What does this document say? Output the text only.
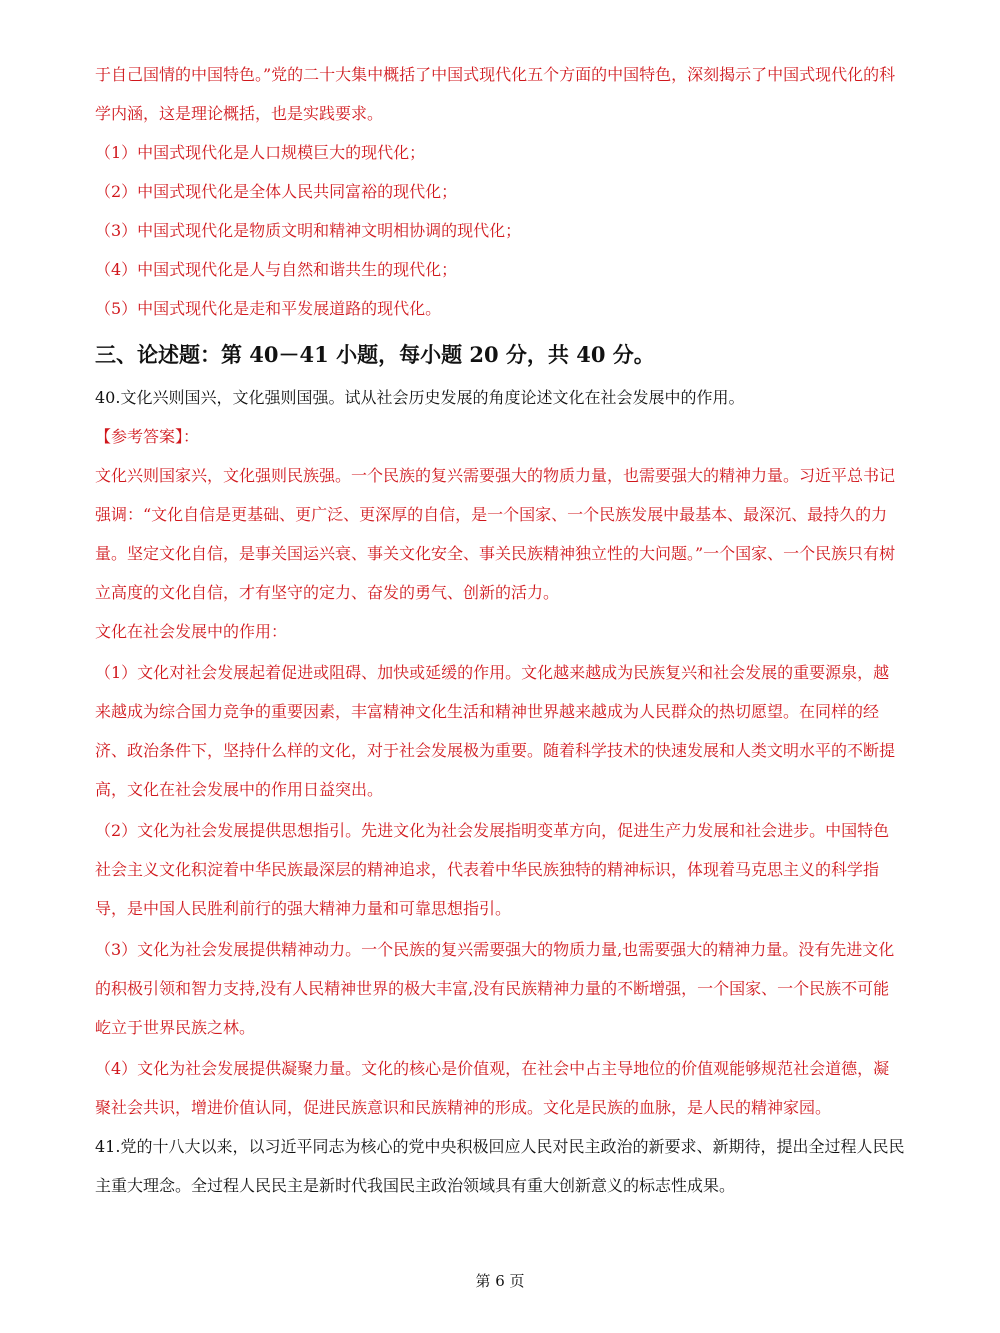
于自己国情的中国特色。”党的二十大集中概括了中国式现代化五个方面的中国特色，深刻揭示了中国式现代化的科学内涵，这是理论概括，也是实践要求。

（1）中国式现代化是人口规模巨大的现代化；

（2）中国式现代化是全体人民共同富裕的现代化；

（3）中国式现代化是物质文明和精神文明相协调的现代化；

（4）中国式现代化是人与自然和谐共生的现代化；

（5）中国式现代化是走和平发展道路的现代化。

三、论述题：第 40－41 小题，每小题 20 分，共 40 分。

40.文化兴则国兴，文化强则国强。试从社会历史发展的角度论述文化在社会发展中的作用。

【参考答案】：

文化兴则国家兴，文化强则民族强。一个民族的复兴需要强大的物质力量，也需要强大的精神力量。习近平总书记强调：“文化自信是更基础、更广泛、更深厚的自信，是一个国家、一个民族发展中最基本、最深沉、最持久的力量。坚定文化自信，是事关国运兴衰、事关文化安全、事关民族精神独立性的大问题。”一个国家、一个民族只有树立高度的文化自信，才有坚守的定力、奋发的勇气、创新的活力。

文化在社会发展中的作用：

（1）文化对社会发展起着促进或阻碍、加快或延缓的作用。文化越来越成为民族复兴和社会发展的重要源泉，越来越成为综合国力竞争的重要因素，丰富精神文化生活和精神世界越来越成为人民群众的热切愿望。在同样的经济、政治条件下，坚持什么样的文化，对于社会发展极为重要。随着科学技术的快速发展和人类文明水平的不断提高，文化在社会发展中的作用日益突出。

（2）文化为社会发展提供思想指引。先进文化为社会发展指明变革方向，促进生产力发展和社会进步。中国特色社会主义文化积淀着中华民族最深层的精神追求，代表着中华民族独特的精神标识，体现着马克思主义的科学指导，是中国人民胜利前行的强大精神力量和可靠思想指引。

（3）文化为社会发展提供精神动力。一个民族的复兴需要强大的物质力量,也需要强大的精神力量。没有先进文化的积极引领和智力支持,没有人民精神世界的极大丰富,没有民族精神力量的不断增强，一个国家、一个民族不可能屹立于世界民族之林。

（4）文化为社会发展提供凝聚力量。文化的核心是价值观，在社会中占主导地位的价值观能够规范社会道德，凝聚社会共识，增进价值认同，促进民族意识和民族精神的形成。文化是民族的血脉，是人民的精神家园。

41.党的十八大以来，以习近平同志为核心的党中央积极回应人民对民主政治的新要求、新期待，提出全过程人民民主重大理念。全过程人民民主是新时代我国民主政治领域具有重大创新意义的标志性成果。

第 6 页
